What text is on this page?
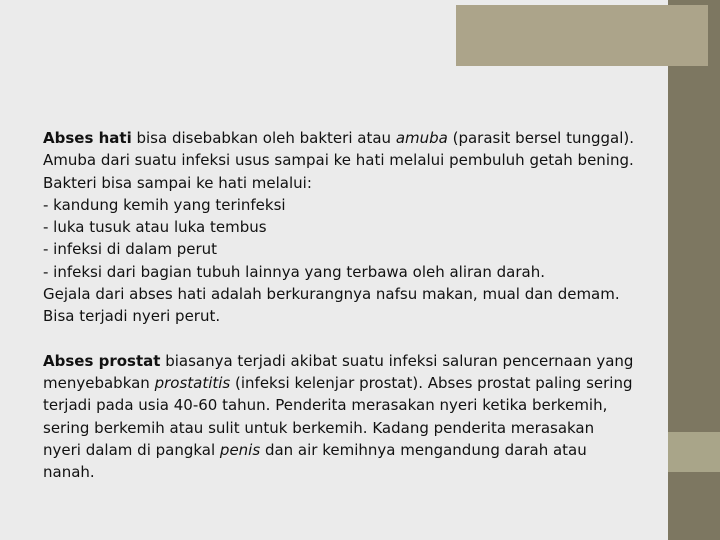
Abses hati bisa disebabkan oleh bakteri atau amuba (parasit bersel tunggal).

Amuba dari suatu infeksi usus sampai ke hati melalui pembuluh getah bening.

Bakteri bisa sampai ke hati melalui:

- kandung kemih yang terinfeksi

- luka tusuk atau luka tembus

- infeksi di dalam perut

- infeksi dari bagian tubuh lainnya yang terbawa oleh aliran darah.

Gejala dari abses hati adalah berkurangnya nafsu makan, mual dan demam.

Bisa terjadi nyeri perut.

Abses prostat biasanya terjadi akibat suatu infeksi saluran pencernaan yang

menyebabkan prostatitis (infeksi kelenjar prostat). Abses prostat paling sering

terjadi pada usia 40-60 tahun. Penderita merasakan nyeri ketika berkemih,

sering berkemih atau sulit untuk berkemih. Kadang penderita merasakan

nyeri dalam di pangkal penis dan air kemihnya mengandung darah atau

nanah.
